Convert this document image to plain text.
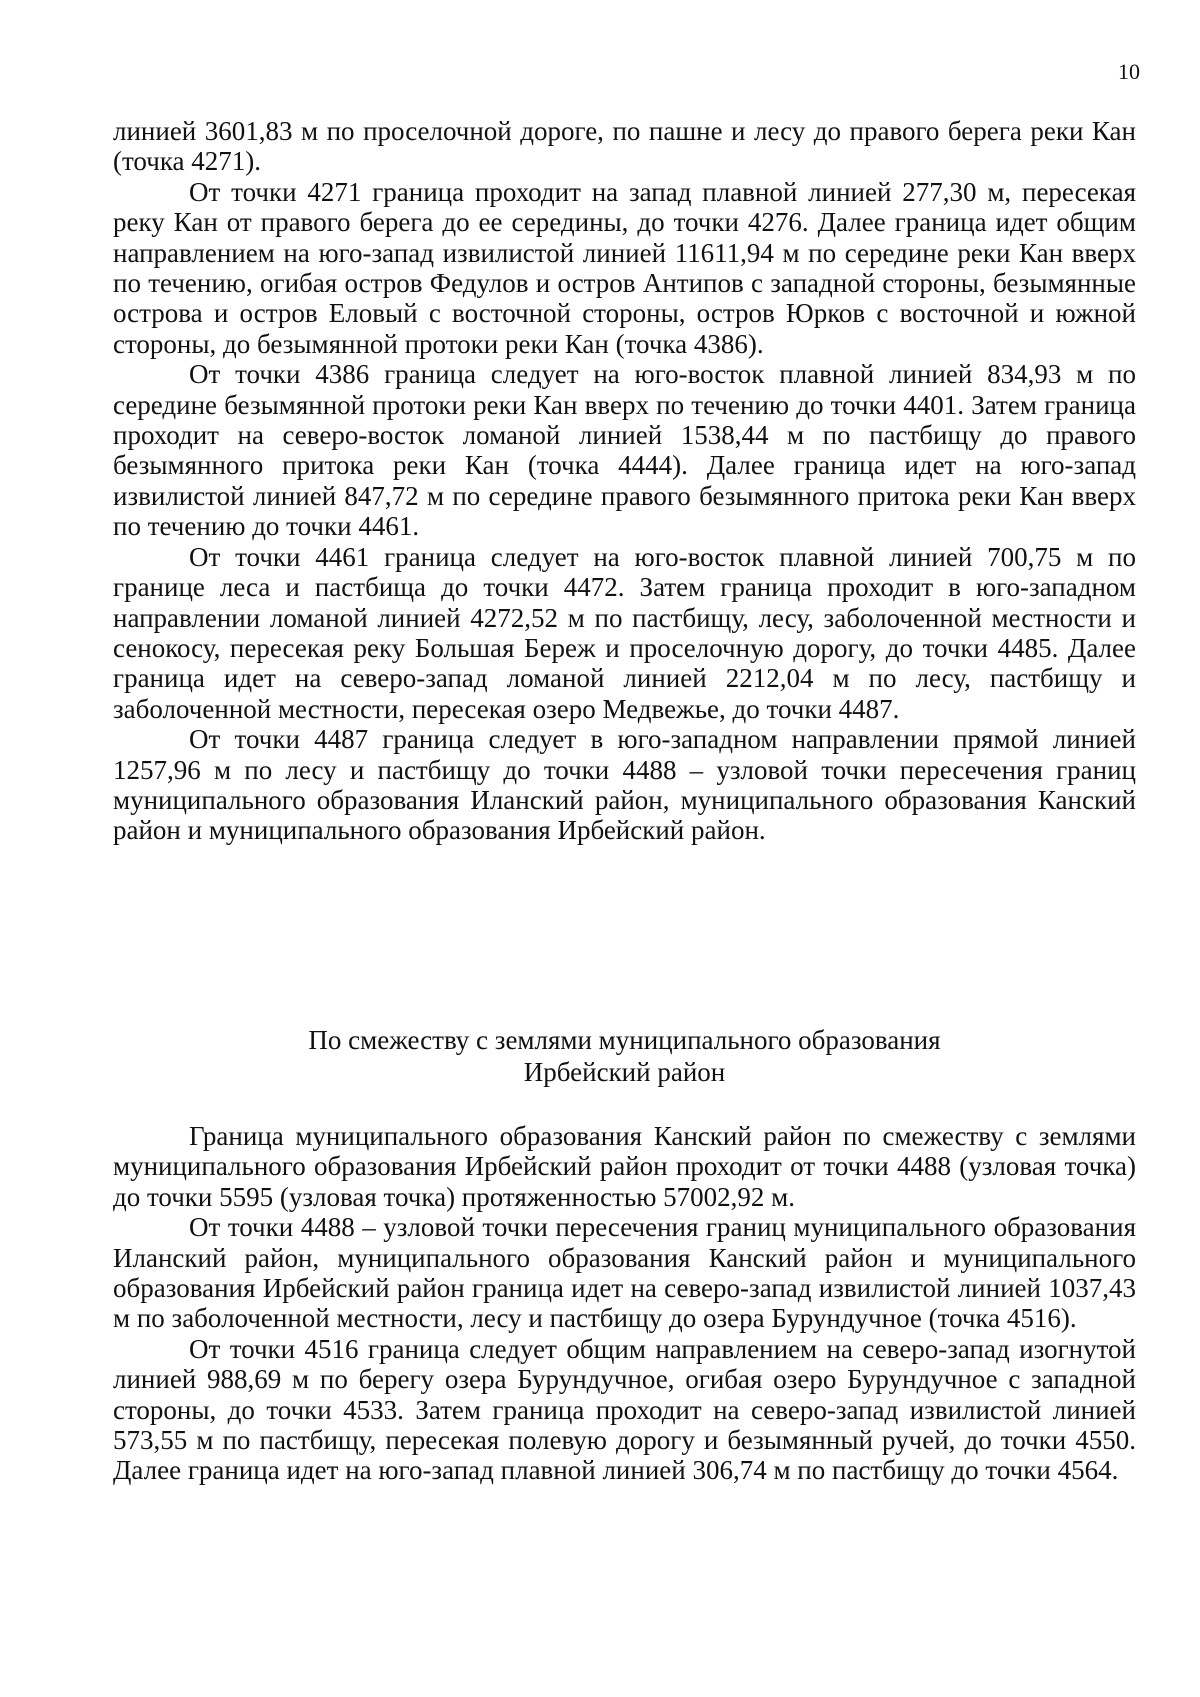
10

линией 3601,83 м по проселочной дороге, по пашне и лесу до правого берега реки Кан (точка 4271).

От точки 4271 граница проходит на запад плавной линией 277,30 м, пересекая реку Кан от правого берега до ее середины, до точки 4276. Далее граница идет общим направлением на юго-запад извилистой линией 11611,94 м по середине реки Кан вверх по течению, огибая остров Федулов и остров Антипов с западной стороны, безымянные острова и остров Еловый с восточной стороны, остров Юрков с восточной и южной стороны, до безымянной протоки реки Кан (точка 4386).

От точки 4386 граница следует на юго-восток плавной линией 834,93 м по середине безымянной протоки реки Кан вверх по течению до точки 4401. Затем граница проходит на северо-восток ломаной линией 1538,44 м по пастбищу до правого безымянного притока реки Кан (точка 4444). Далее граница идет на юго-запад извилистой линией 847,72 м по середине правого безымянного притока реки Кан вверх по течению до точки 4461.

От точки 4461 граница следует на юго-восток плавной линией 700,75 м по границе леса и пастбища до точки 4472. Затем граница проходит в юго-западном направлении ломаной линией 4272,52 м по пастбищу, лесу, заболоченной местности и сенокосу, пересекая реку Большая Береж и проселочную дорогу, до точки 4485. Далее граница идет на северо-запад ломаной линией 2212,04 м по лесу, пастбищу и заболоченной местности, пересекая озеро Медвежье, до точки 4487.

От точки 4487 граница следует в юго-западном направлении прямой линией 1257,96 м по лесу и пастбищу до точки 4488 – узловой точки пересечения границ муниципального образования Иланский район, муниципального образования Канский район и муниципального образования Ирбейский район.

По смежеству с землями муниципального образования
Ирбейский район

Граница муниципального образования Канский район по смежеству с землями муниципального образования Ирбейский район проходит от точки 4488 (узловая точка) до точки 5595 (узловая точка) протяженностью 57002,92 м.

От точки 4488 – узловой точки пересечения границ муниципального образования Иланский район, муниципального образования Канский район и муниципального образования Ирбейский район граница идет на северо-запад извилистой линией 1037,43 м по заболоченной местности, лесу и пастбищу до озера Бурундучное (точка 4516).

От точки 4516 граница следует общим направлением на северо-запад изогнутой линией 988,69 м по берегу озера Бурундучное, огибая озеро Бурундучное с западной стороны, до точки 4533. Затем граница проходит на северо-запад извилистой линией 573,55 м по пастбищу, пересекая полевую дорогу и безымянный ручей, до точки 4550. Далее граница идет на юго-запад плавной линией 306,74 м по пастбищу до точки 4564.
